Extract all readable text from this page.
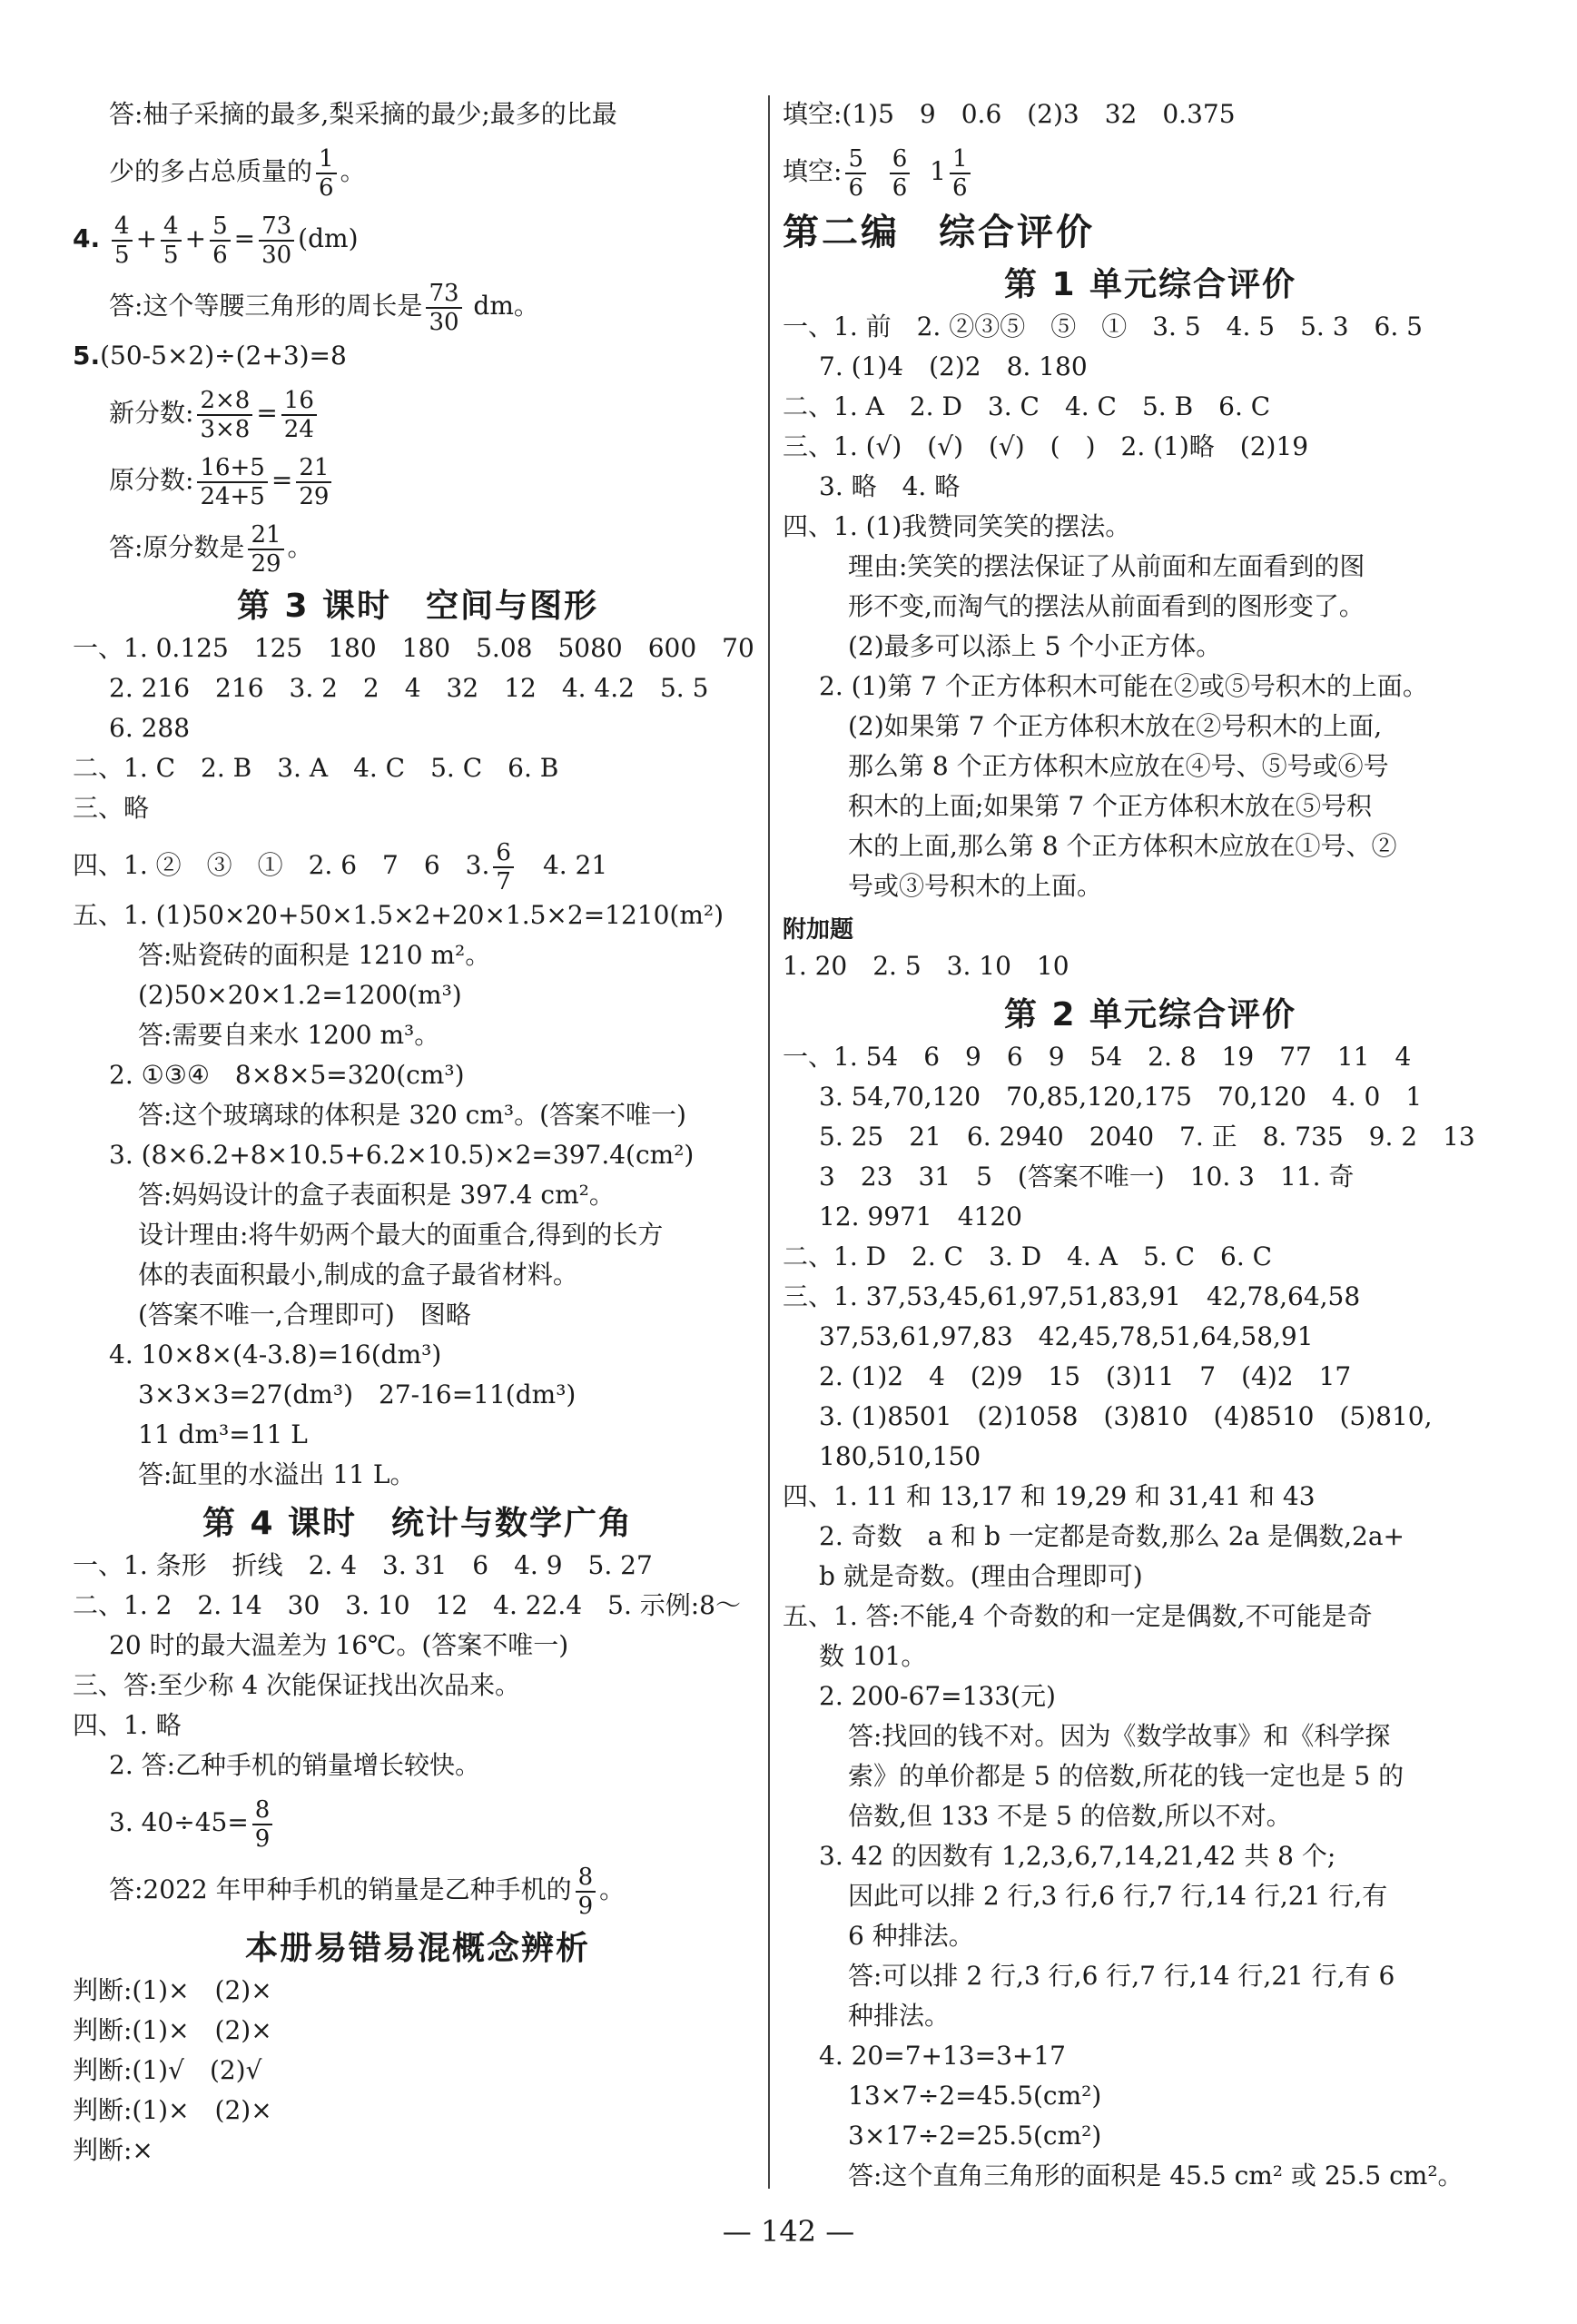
答:柚子采摘的最多,梨采摘的最少;最多的比最
少的多占总质量的 $\frac{1}{6}$ 。
4. $\frac{4}{5} + \frac{4}{5} + \frac{5}{6} = \frac{73}{30} (dm)$
答:这个等腰三角形的周长是 $\frac{73}{30}$ dm。
5.(50-5×2)÷(2+3)=8
新分数: $\frac{2\times 8}{3\times 8} = \frac{16}{24}$
原分数: $\frac{16+5}{24+5} = \frac{21}{29}$
答:原分数是 $\frac{21}{29}$ 。
第 3 课时　空间与图形
一、1. 0.125　125　180　180　5.08　5080　600　70
2. 216　216　3. 2　2　4　32　12　4. 4.2　5. 5
6. 288
二、1. C　2. B　3. A　4. C　5. C　6. B
三、略
四、1. ②　③　①　2. 6　7　6　3. $\frac{6}{7}$ 　4. 21
五、1. (1)50×20+50×1.5×2+20×1.5×2=1210(m²)
答:贴瓷砖的面积是 1210 m²。
(2)50×20×1.2=1200(m³)
答:需要自来水 1200 m³。
2. ①③④　8×8×5=320(cm³)
答:这个玻璃球的体积是 320 cm³。(答案不唯一)
3. (8×6.2+8×10.5+6.2×10.5)×2=397.4(cm²)
答:妈妈设计的盒子表面积是 397.4 cm²。
设计理由:将牛奶两个最大的面重合,得到的长方
体的表面积最小,制成的盒子最省材料。
(答案不唯一,合理即可)　图略
4. 10×8×(4-3.8)=16(dm³)
3×3×3=27(dm³)　27-16=11(dm³)
11 dm³=11 L
答:缸里的水溢出 11 L。
第 4 课时　统计与数学广角
一、1. 条形　折线　2. 4　3. 31　6　4. 9　5. 27
二、1. 2　2. 14　30　3. 10　12　4. 22.4　5. 示例:8～
20 时的最大温差为 16℃。(答案不唯一)
三、答:至少称 4 次能保证找出次品来。
四、1. 略
2. 答:乙种手机的销量增长较快。
3. $40\div 45= \frac{8}{9}$
答:2022 年甲种手机的销量是乙种手机的 $\frac{8}{9}$ 。
本册易错易混概念辨析
判断:(1)×　(2)×
判断:(1)×　(2)×
判断:(1)√　(2)√
判断:(1)×　(2)×
判断:×
填空:(1)5　9　0.6　(2)3　32　0.375
填空: $\frac{5}{6}$
$\frac{6}{6} 1 \frac{1}{6}$
第二编　综合评价
第 1 单元综合评价
一、1. 前　2. ②③⑤　⑤　①　3. 5　4. 5　5. 3　6. 5
7. (1)4　(2)2　8. 180
二、1. A　2. D　3. C　4. C　5. B　6. C
三、1. (√)　(√)　(√)　(　)　2. (1)略　(2)19
3. 略　4. 略
四、1. (1)我赞同笑笑的摆法。
理由:笑笑的摆法保证了从前面和左面看到的图
形不变,而淘气的摆法从前面看到的图形变了。
(2)最多可以添上 5 个小正方体。
2. (1)第 7 个正方体积木可能在②或⑤号积木的上面。
(2)如果第 7 个正方体积木放在②号积木的上面,
那么第 8 个正方体积木应放在④号、⑤号或⑥号
积木的上面;如果第 7 个正方体积木放在⑤号积
木的上面,那么第 8 个正方体积木应放在①号、②
号或③号积木的上面。
附加题
1. 20　2. 5　3. 10　10
第 2 单元综合评价
一、1. 54　6　9　6　9　54　2. 8　19　77　11　4
3. 54,70,120　70,85,120,175　70,120　4. 0　1
5. 25　21　6. 2940　2040　7. 正　8. 735　9. 2　13
3　23　31　5　(答案不唯一)　10. 3　11. 奇
12. 9971　4120
二、1. D　2. C　3. D　4. A　5. C　6. C
三、1. 37,53,45,61,97,51,83,91　42,78,64,58
37,53,61,97,83　42,45,78,51,64,58,91
2. (1)2　4　(2)9　15　(3)11　7　(4)2　17
3. (1)8501　(2)1058　(3)810　(4)8510　(5)810,
180,510,150
四、1. 11 和 13,17 和 19,29 和 31,41 和 43
2. 奇数　a 和 b 一定都是奇数,那么 2a 是偶数,2a+
b 就是奇数。(理由合理即可)
五、1. 答:不能,4 个奇数的和一定是偶数,不可能是奇
数 101。
2. 200-67=133(元)
答:找回的钱不对。因为《数学故事》和《科学探
索》的单价都是 5 的倍数,所花的钱一定也是 5 的
倍数,但 133 不是 5 的倍数,所以不对。
3. 42 的因数有 1,2,3,6,7,14,21,42 共 8 个;
因此可以排 2 行,3 行,6 行,7 行,14 行,21 行,有
6 种排法。
答:可以排 2 行,3 行,6 行,7 行,14 行,21 行,有 6
种排法。
4. 20=7+13=3+17
13×7÷2=45.5(cm²)
3×17÷2=25.5(cm²)
答:这个直角三角形的面积是 45.5 cm² 或 25.5 cm²。
— 142 —
